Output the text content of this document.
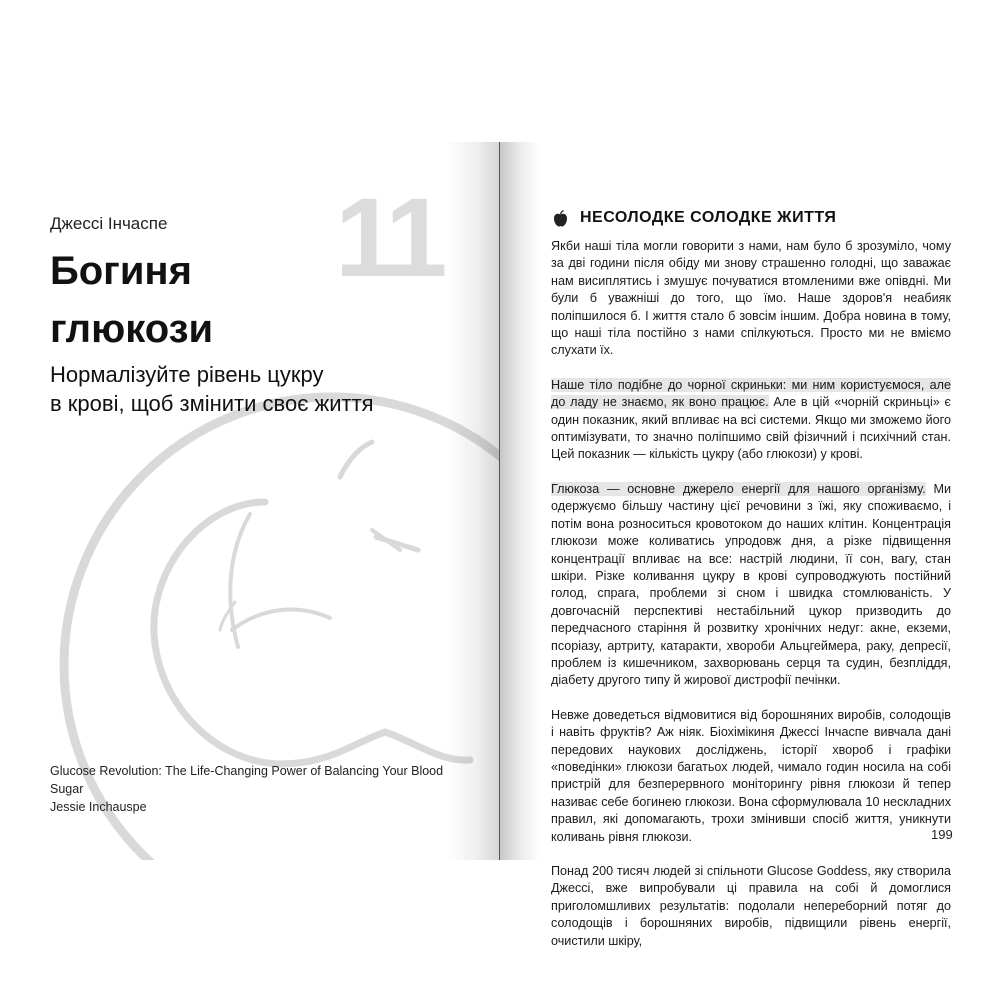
11
Джессі Інчаспе
Богиня
глюкози
Нормалізуйте рівень цукру
в крові, щоб змінити своє життя
Glucose Revolution: The Life-Changing Power of Balancing Your Blood Sugar
Jessie Inchauspe
НЕСОЛОДКЕ СОЛОДКЕ ЖИТТЯ

Якби наші тіла могли говорити з нами, нам було б зрозуміло, чому за дві години після обіду ми знову страшенно голодні, що заважає нам висиплятись і змушує почуватися втомленими вже опівдні. Ми були б уважніші до того, що їмо. Наше здоров'я неабияк поліпшилося б. І життя стало б зовсім іншим. Добра новина в тому, що наші тіла постійно з нами спілкуються. Просто ми не вміємо слухати їх.

Наше тіло подібне до чорної скриньки: ми ним користуємося, але до ладу не знаємо, як воно працює. Але в цій «чорній скриньці» є один показник, який впливає на всі системи. Якщо ми зможемо його оптимізувати, то значно поліпшимо свій фізичний і психічний стан. Цей показник — кількість цукру (або глюкози) у крові.

Глюкоза — основне джерело енергії для нашого організму. Ми одержуємо більшу частину цієї речовини з їжі, яку споживаємо, і потім вона розноситься кровотоком до наших клітин. Концентрація глюкози може коливатись упродовж дня, а різке підвищення концентрації впливає на все: настрій людини, її сон, вагу, стан шкіри. Різке коливання цукру в крові супроводжують постійний голод, спрага, проблеми зі сном і швидка стомлюваність. У довгочасній перспективі нестабільний цукор призводить до передчасного старіння й розвитку хронічних недуг: акне, екземи, псоріазу, артриту, катаракти, хвороби Альцгеймера, раку, депресії, проблем із кишечником, захворювань серця та судин, безпліддя, діабету другого типу й жирової дистрофії печінки.

Невже доведеться відмовитися від борошняних виробів, солодощів і навіть фруктів? Аж ніяк. Біохімікиня Джессі Інчаспе вивчала дані передових наукових досліджень, історії хвороб і графіки «поведінки» глюкози багатьох людей, чимало годин носила на собі пристрій для безперервного моніторингу рівня глюкози й тепер називає себе богинею глюкози. Вона сформулювала 10 нескладних правил, які допомагають, трохи змінивши спосіб життя, уникнути коливань рівня глюкози.

Понад 200 тисяч людей зі спільноти Glucose Goddess, яку створила Джессі, вже випробували ці правила на собі й домоглися приголомшливих результатів: подолали непереборний потяг до солодощів і борошняних виробів, підвищили рівень енергії, очистили шкіру,

199
